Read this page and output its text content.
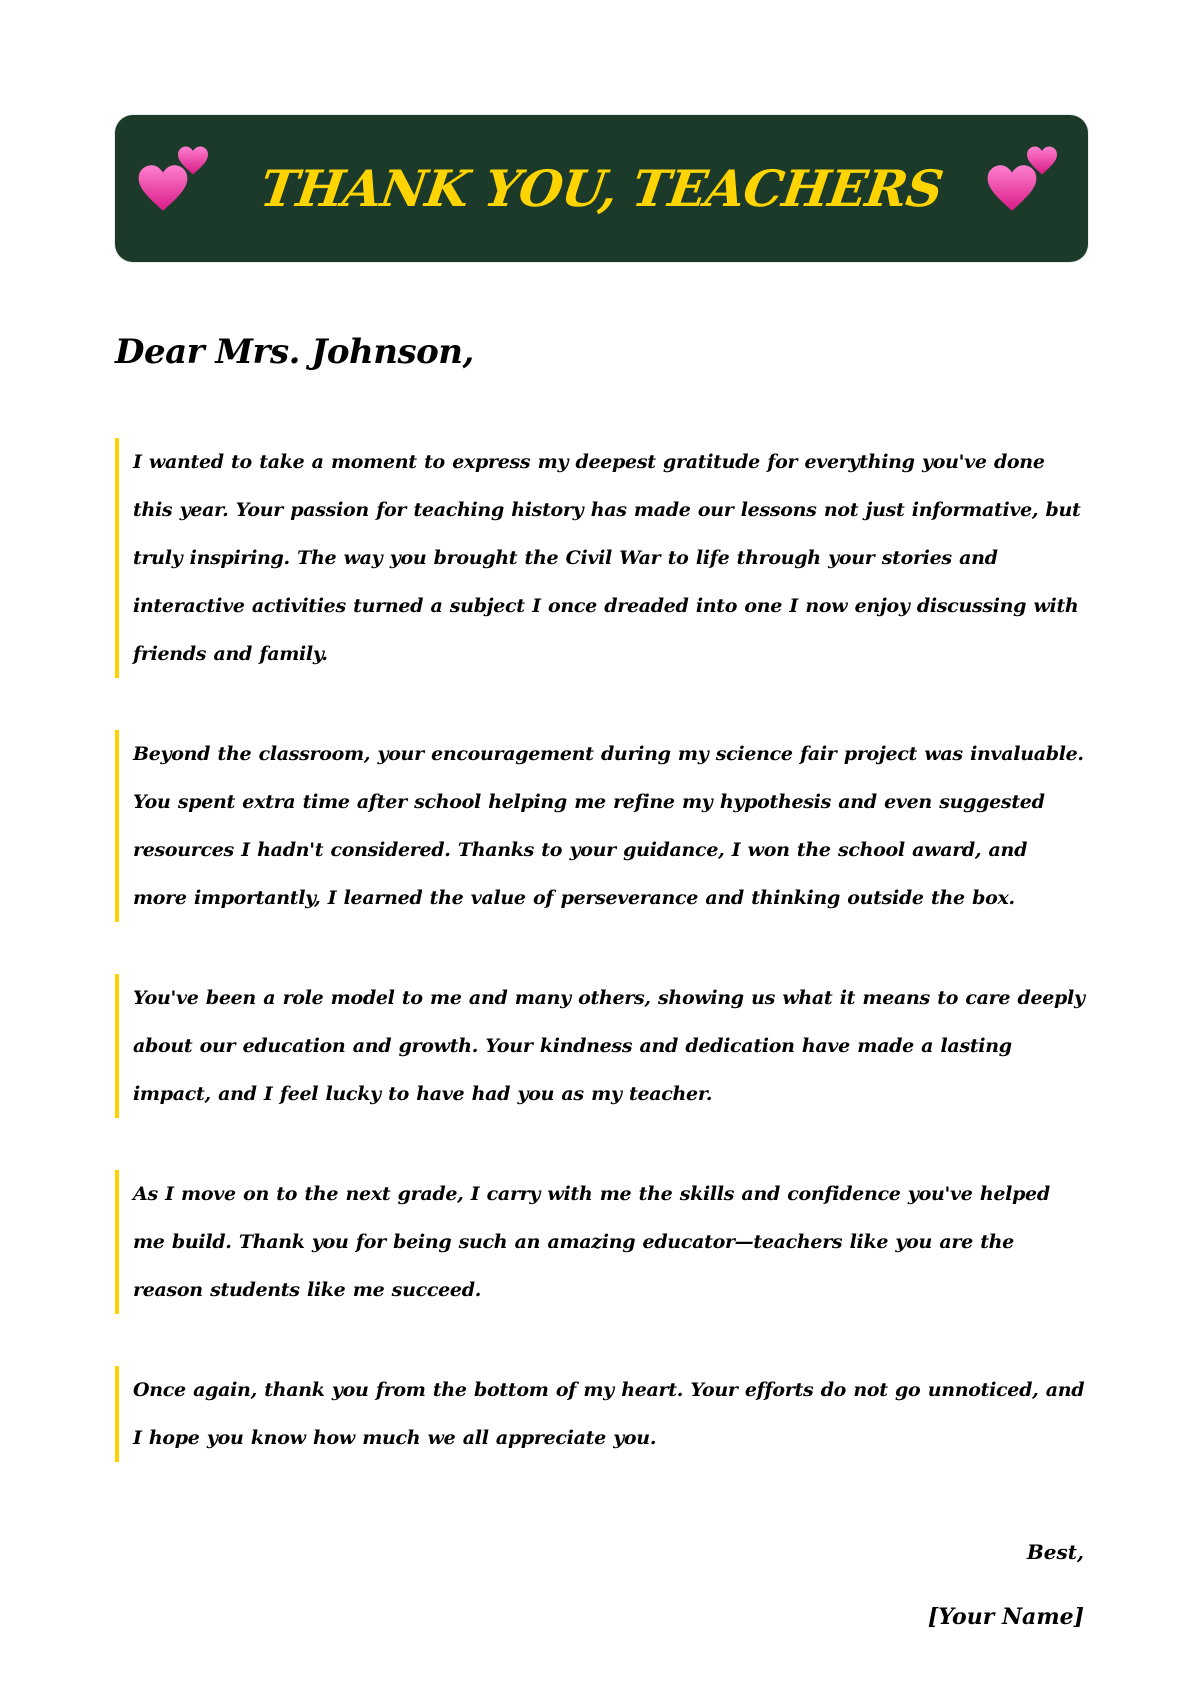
THANK YOU, TEACHERS
Dear Mrs. Johnson,
I wanted to take a moment to express my deepest gratitude for everything you've done this year. Your passion for teaching history has made our lessons not just informative, but truly inspiring. The way you brought the Civil War to life through your stories and interactive activities turned a subject I once dreaded into one I now enjoy discussing with friends and family.
Beyond the classroom, your encouragement during my science fair project was invaluable. You spent extra time after school helping me refine my hypothesis and even suggested resources I hadn't considered. Thanks to your guidance, I won the school award, and more importantly, I learned the value of perseverance and thinking outside the box.
You've been a role model to me and many others, showing us what it means to care deeply about our education and growth. Your kindness and dedication have made a lasting impact, and I feel lucky to have had you as my teacher.
As I move on to the next grade, I carry with me the skills and confidence you've helped me build. Thank you for being such an amazing educator—teachers like you are the reason students like me succeed.
Once again, thank you from the bottom of my heart. Your efforts do not go unnoticed, and I hope you know how much we all appreciate you.
Best,
[Your Name]
